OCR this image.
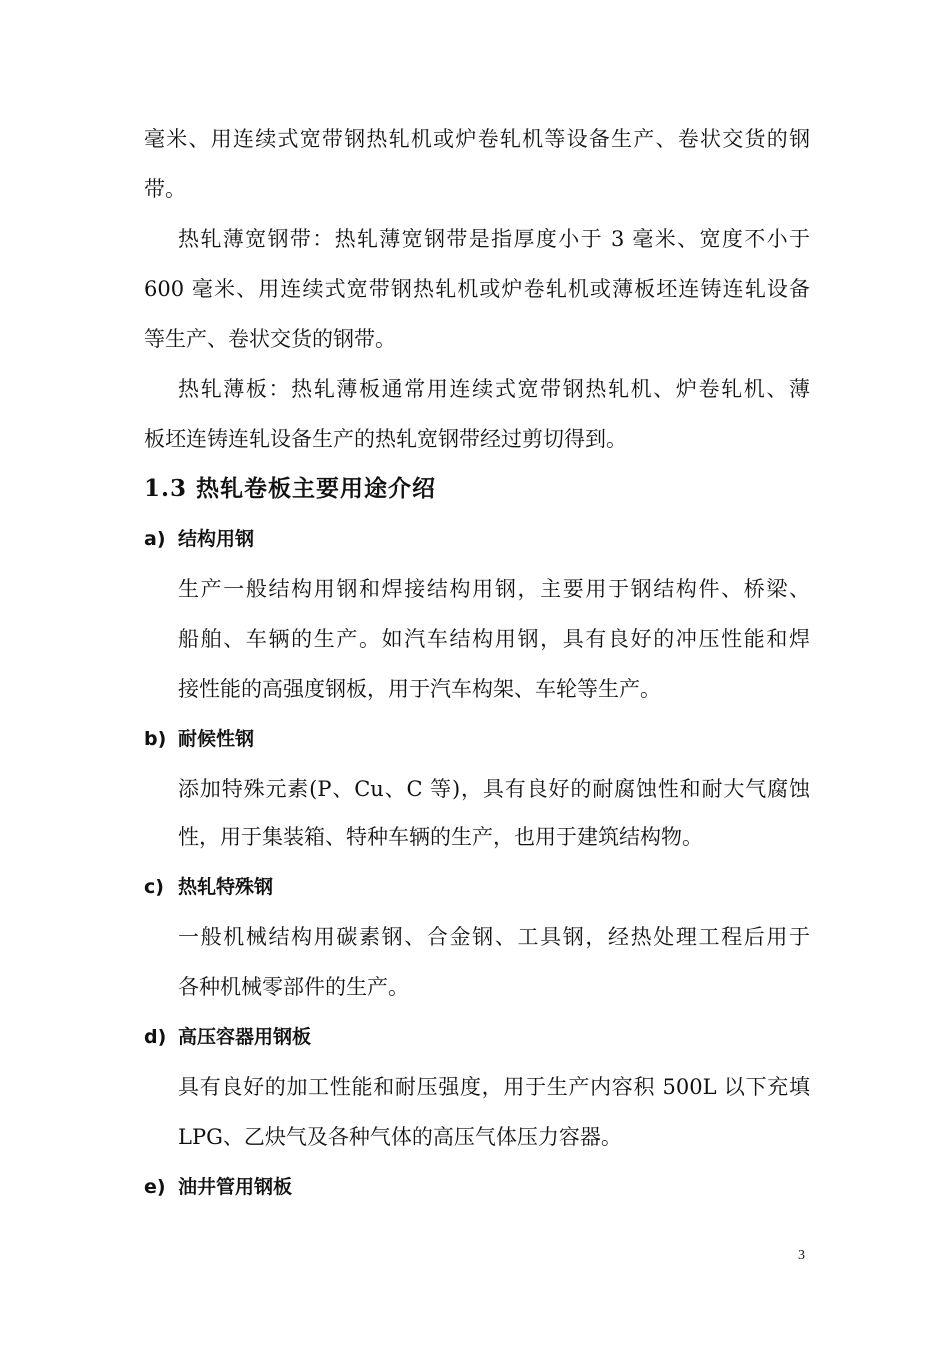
毫米、用连续式宽带钢热轧机或炉卷轧机等设备生产、卷状交货的钢
带。
热轧薄宽钢带：热轧薄宽钢带是指厚度小于 3 毫米、宽度不小于
600 毫米、用连续式宽带钢热轧机或炉卷轧机或薄板坯连铸连轧设备
等生产、卷状交货的钢带。
热轧薄板：热轧薄板通常用连续式宽带钢热轧机、炉卷轧机、薄
板坯连铸连轧设备生产的热轧宽钢带经过剪切得到。
1.3 热轧卷板主要用途介绍
a) 结构用钢
生产一般结构用钢和焊接结构用钢，主要用于钢结构件、桥梁、
船舶、车辆的生产。如汽车结构用钢，具有良好的冲压性能和焊
接性能的高强度钢板，用于汽车构架、车轮等生产。
b) 耐候性钢
添加特殊元素(P、Cu、C 等)，具有良好的耐腐蚀性和耐大气腐蚀
性，用于集装箱、特种车辆的生产，也用于建筑结构物。
c) 热轧特殊钢
一般机械结构用碳素钢、合金钢、工具钢，经热处理工程后用于
各种机械零部件的生产。
d) 高压容器用钢板
具有良好的加工性能和耐压强度，用于生产内容积 500L 以下充填
LPG、乙炔气及各种气体的高压气体压力容器。
e) 油井管用钢板
3
